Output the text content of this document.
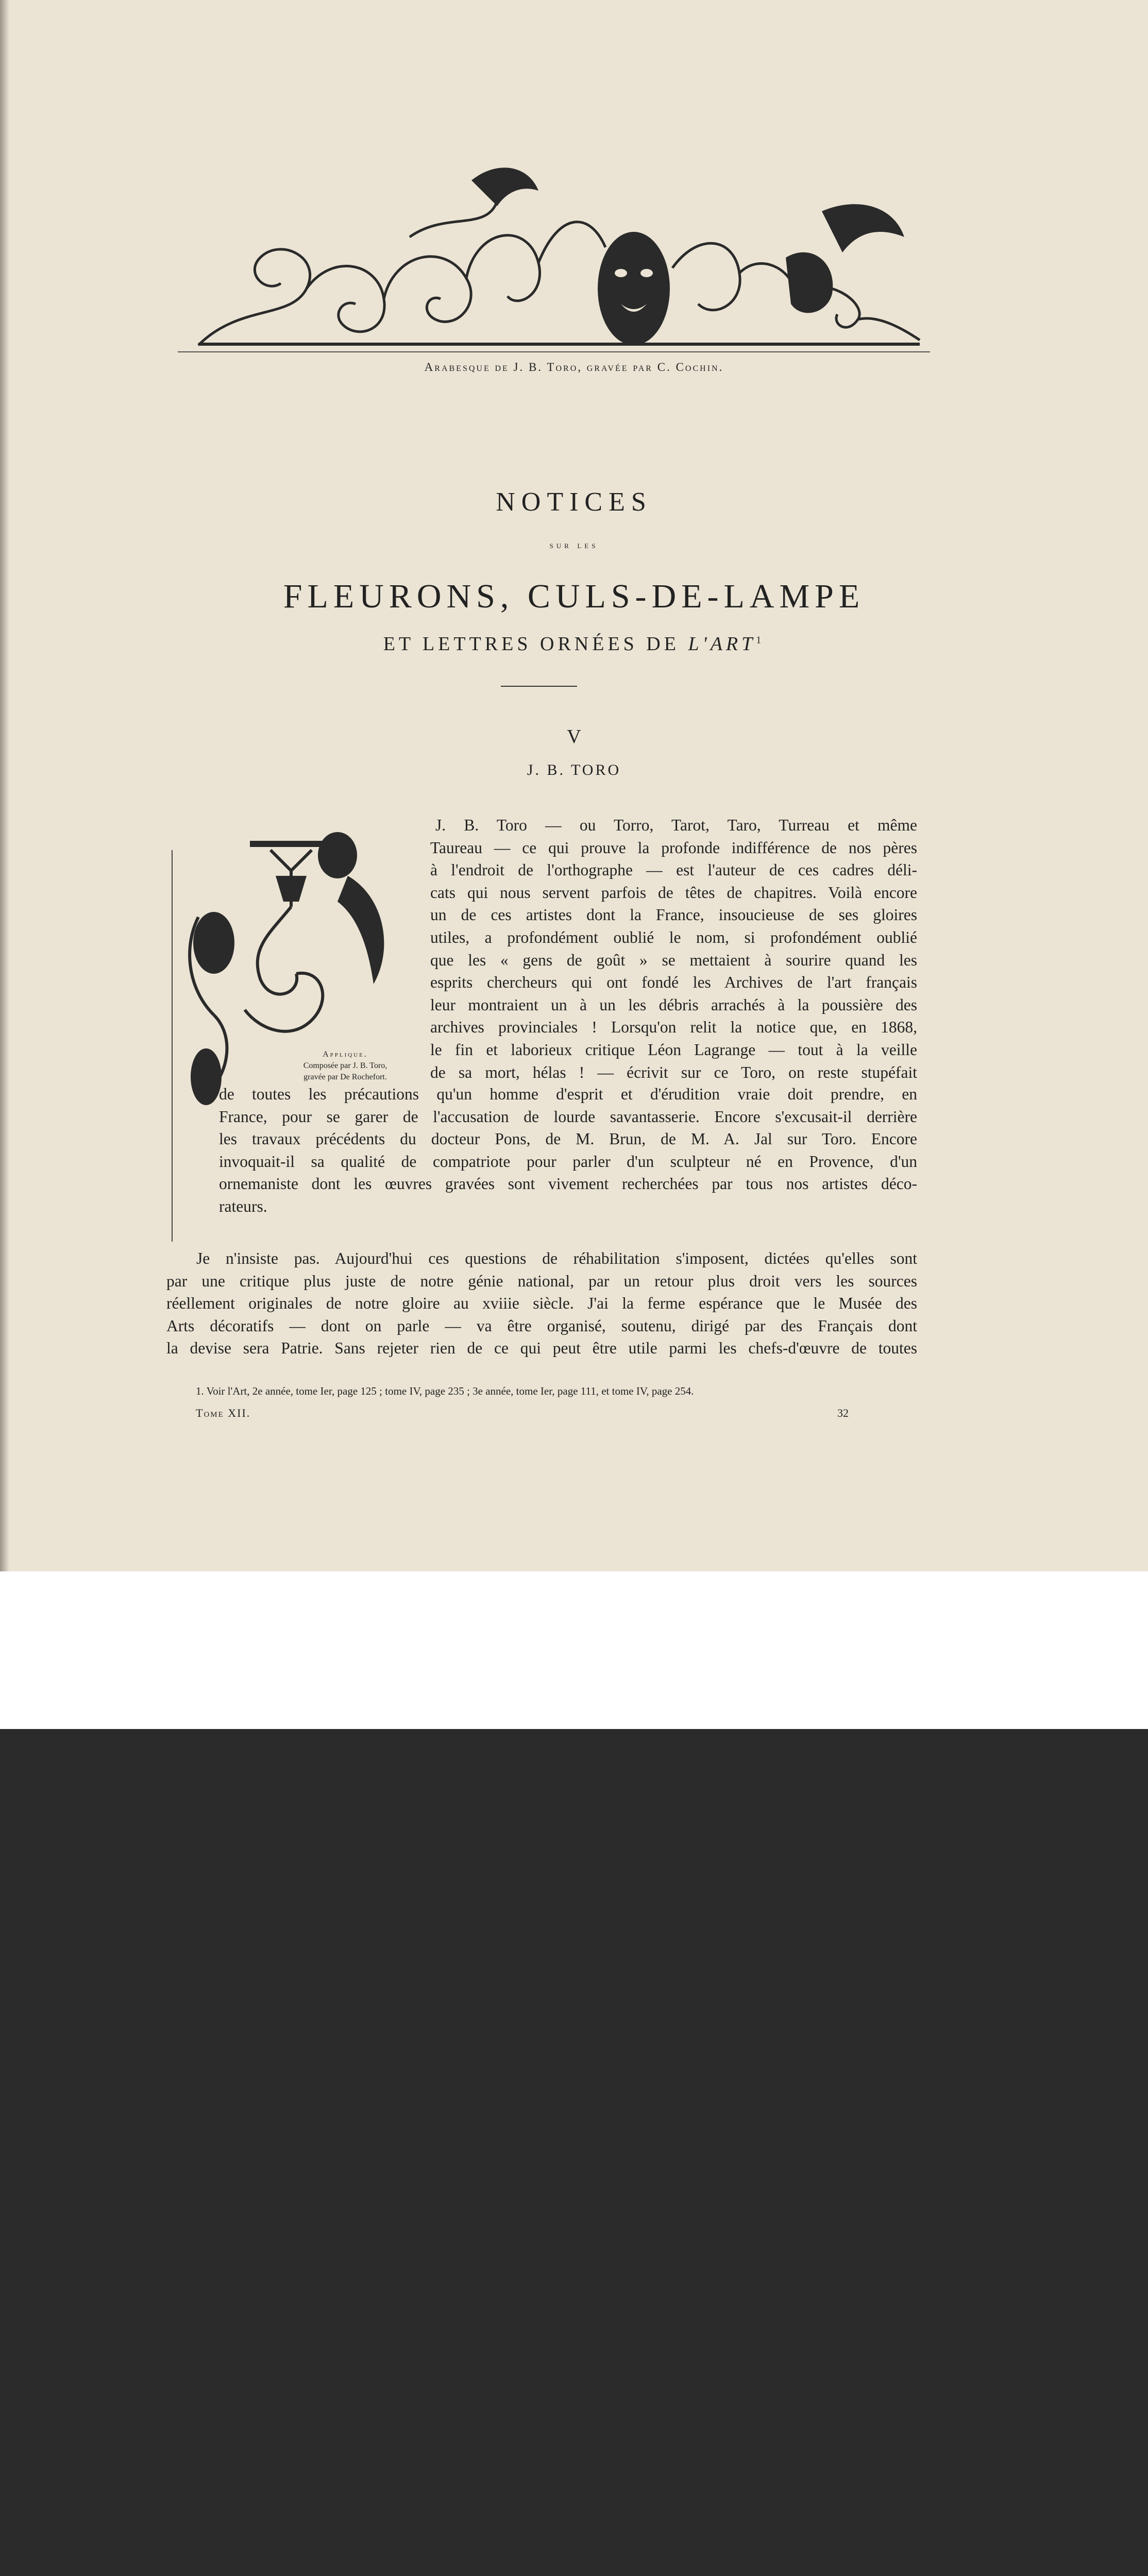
Arabesque de J. B. Toro, gravée par C. Cochin.
NOTICES
sur les
FLEURONS, CULS-DE-LAMPE
ET LETTRES ORNÉES DE L'ART$^1$
V
J. B. TORO
Applique.
Composée par J. B. Toro,
gravée par De Rochefort.
J. B. Toro — ou Torro, Tarot, Taro, Turreau et même
Taureau — ce qui prouve la profonde indifférence de nos pères
à l'endroit de l'orthographe — est l'auteur de ces cadres déli-
cats qui nous servent parfois de têtes de chapitres. Voilà encore
un de ces artistes dont la France, insoucieuse de ses gloires
utiles, a profondément oublié le nom, si profondément oublié
que les « gens de goût » se mettaient à sourire quand les
esprits chercheurs qui ont fondé les Archives de l'art français
leur montraient un à un les débris arrachés à la poussière des
archives provinciales ! Lorsqu'on relit la notice que, en 1868,
le fin et laborieux critique Léon Lagrange — tout à la veille
de sa mort, hélas ! — écrivit sur ce Toro, on reste stupéfait
de toutes les précautions qu'un homme d'esprit et d'érudition vraie doit prendre, en
France, pour se garer de l'accusation de lourde savantasserie. Encore s'excusait-il derrière
les travaux précédents du docteur Pons, de M. Brun, de M. A. Jal sur Toro. Encore
invoquait-il sa qualité de compatriote pour parler d'un sculpteur né en Provence, d'un
ornemaniste dont les œuvres gravées sont vivement recherchées par tous nos artistes déco-
rateurs.
Je n'insiste pas. Aujourd'hui ces questions de réhabilitation s'imposent, dictées qu'elles sont
par une critique plus juste de notre génie national, par un retour plus droit vers les sources
réellement originales de notre gloire au xviiie siècle. J'ai la ferme espérance que le Musée des
Arts décoratifs — dont on parle — va être organisé, soutenu, dirigé par des Français dont
la devise sera Patrie. Sans rejeter rien de ce qui peut être utile parmi les chefs-d'œuvre de toutes
1. Voir l'Art, 2e année, tome Ier, page 125 ; tome IV, page 235 ; 3e année, tome Ier, page 111, et tome IV, page 254.
Tome XII.	32
